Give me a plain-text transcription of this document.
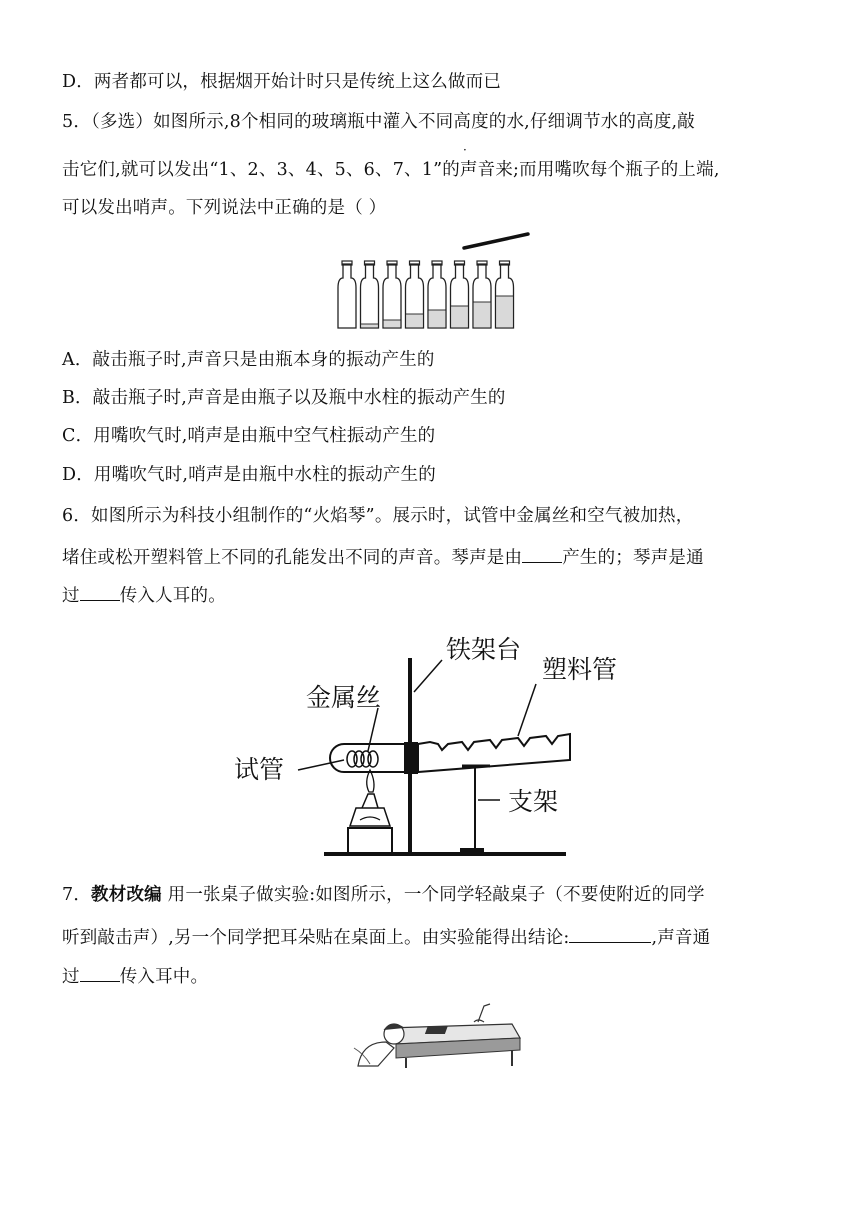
D．两者都可以，根据烟开始计时只是传统上这么做而已
5．（多选）如图所示,8个相同的玻璃瓶中灌入不同高度的水,仔细调节水的高度,敲
·
击它们,就可以发出“1、2、3、4、5、6、7、1”的声音来;而用嘴吹每个瓶子的上端,
可以发出哨声。下列说法中正确的是（ ）
A．敲击瓶子时,声音只是由瓶本身的振动产生的
B．敲击瓶子时,声音是由瓶子以及瓶中水柱的振动产生的
C．用嘴吹气时,哨声是由瓶中空气柱振动产生的
D．用嘴吹气时,哨声是由瓶中水柱的振动产生的
6．如图所示为科技小组制作的“火焰琴”。展示时，试管中金属丝和空气被加热，
堵住或松开塑料管上不同的孔能发出不同的声音。琴声是由 产生的；琴声是通
过 传入人耳的。
铁架台
塑料管
金属丝
试管
支架
7．教材改编 用一张桌子做实验:如图所示，一个同学轻敲桌子（不要使附近的同学
听到敲击声）,另一个同学把耳朵贴在桌面上。由实验能得出结论:	,声音通
过 传入耳中。
